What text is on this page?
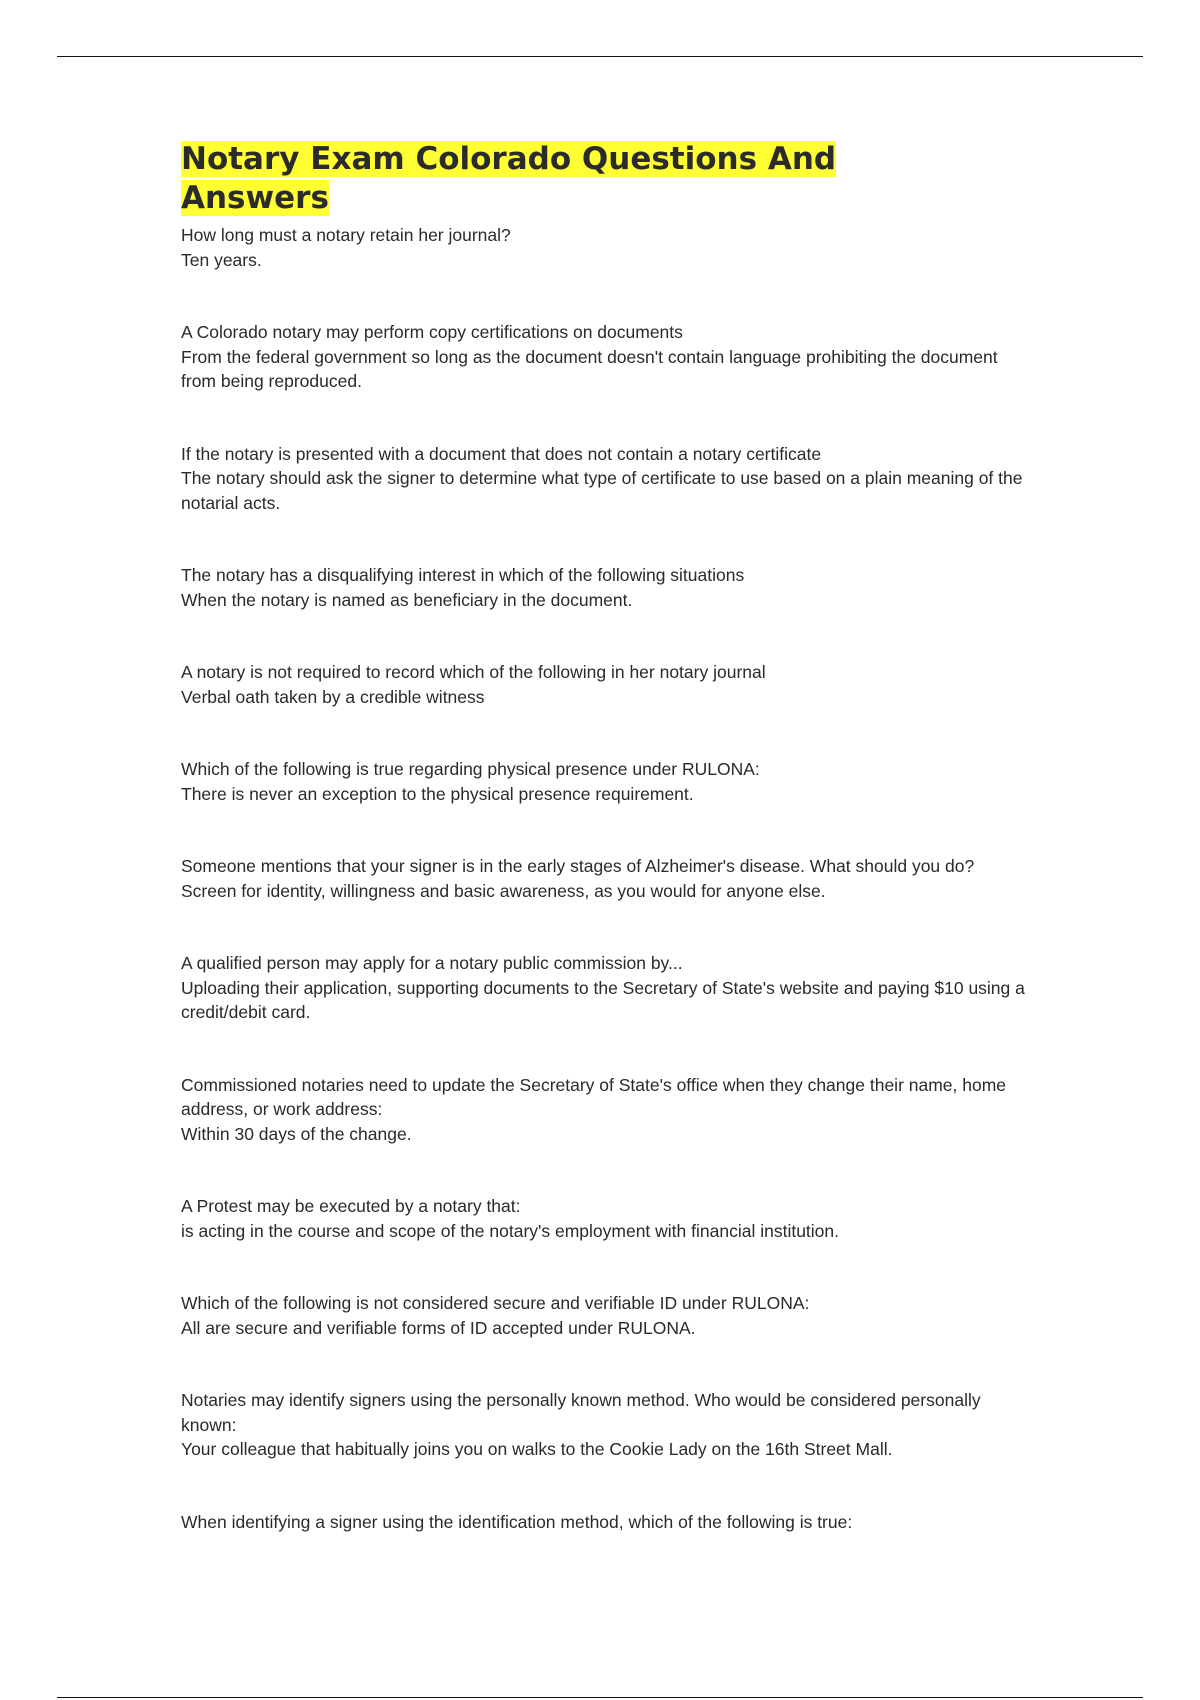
Notary Exam Colorado Questions And Answers

How long must a notary retain her journal?

Ten years.

A Colorado notary may perform copy certifications on documents

From the federal government so long as the document doesn't contain language prohibiting the document from being reproduced.

If the notary is presented with a document that does not contain a notary certificate

The notary should ask the signer to determine what type of certificate to use based on a plain meaning of the notarial acts.

The notary has a disqualifying interest in which of the following situations

When the notary is named as beneficiary in the document.

A notary is not required to record which of the following in her notary journal

Verbal oath taken by a credible witness

Which of the following is true regarding physical presence under RULONA:

There is never an exception to the physical presence requirement.

Someone mentions that your signer is in the early stages of Alzheimer's disease. What should you do?

Screen for identity, willingness and basic awareness, as you would for anyone else.

A qualified person may apply for a notary public commission by...

Uploading their application, supporting documents to the Secretary of State's website and paying $10 using a credit/debit card.

Commissioned notaries need to update the Secretary of State's office when they change their name, home address, or work address:

Within 30 days of the change.

A Protest may be executed by a notary that:

is acting in the course and scope of the notary's employment with financial institution.

Which of the following is not considered secure and verifiable ID under RULONA:

All are secure and verifiable forms of ID accepted under RULONA.

Notaries may identify signers using the personally known method. Who would be considered personally known:

Your colleague that habitually joins you on walks to the Cookie Lady on the 16th Street Mall.

When identifying a signer using the identification method, which of the following is true:
